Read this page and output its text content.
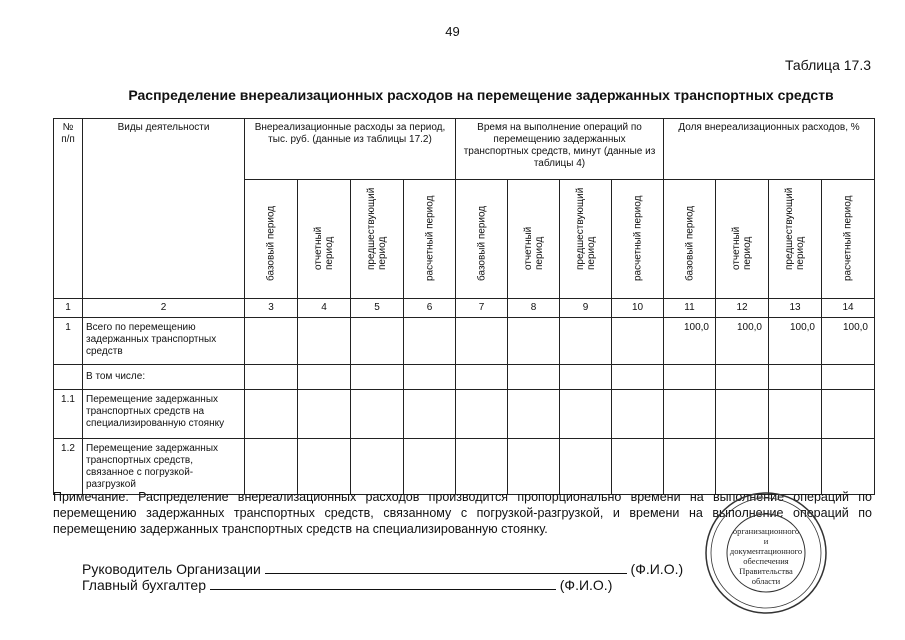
49
Таблица 17.3
Распределение внереализационных расходов на перемещение задержанных транспортных средств
№ п/п	Виды деятельности	Внереализационные расходы за период, тыс. руб. (данные из таблицы 17.2)				Время на выполнение операций по перемещению задержанных транспортных средств, минут (данные из таблицы 4)				Доля внереализационных расходов, %			

		базовый период	отчетный период	предшествующий период	расчетный период	базовый период	отчетный период	предшествующий период	расчетный период	базовый период	отчетный период	предшествующий период	расчетный период

1	2	3	4	5	6	7	8	9	10	11	12	13	14
1	Всего по перемещению задержанных транспортных средств									100,0	100,0	100,0	100,0
	В том числе:												
1.1	Перемещение задержанных транспортных средств на специализированную стоянку												
1.2	Перемещение задержанных транспортных средств, связанное с погрузкой-разгрузкой												
Примечание. Распределение внереализационных расходов производится пропорционально времени на выполнение операций по перемещению задержанных транспортных средств, связанному с погрузкой-разгрузкой, и времени на выполнение операций по перемещению задержанных транспортных средств на специализированную стоянку.
Руководитель Организации	(Ф.И.О.)
Главный бухгалтер	(Ф.И.О.)
организационного
и
документационного
обеспечения
Правительства
области
